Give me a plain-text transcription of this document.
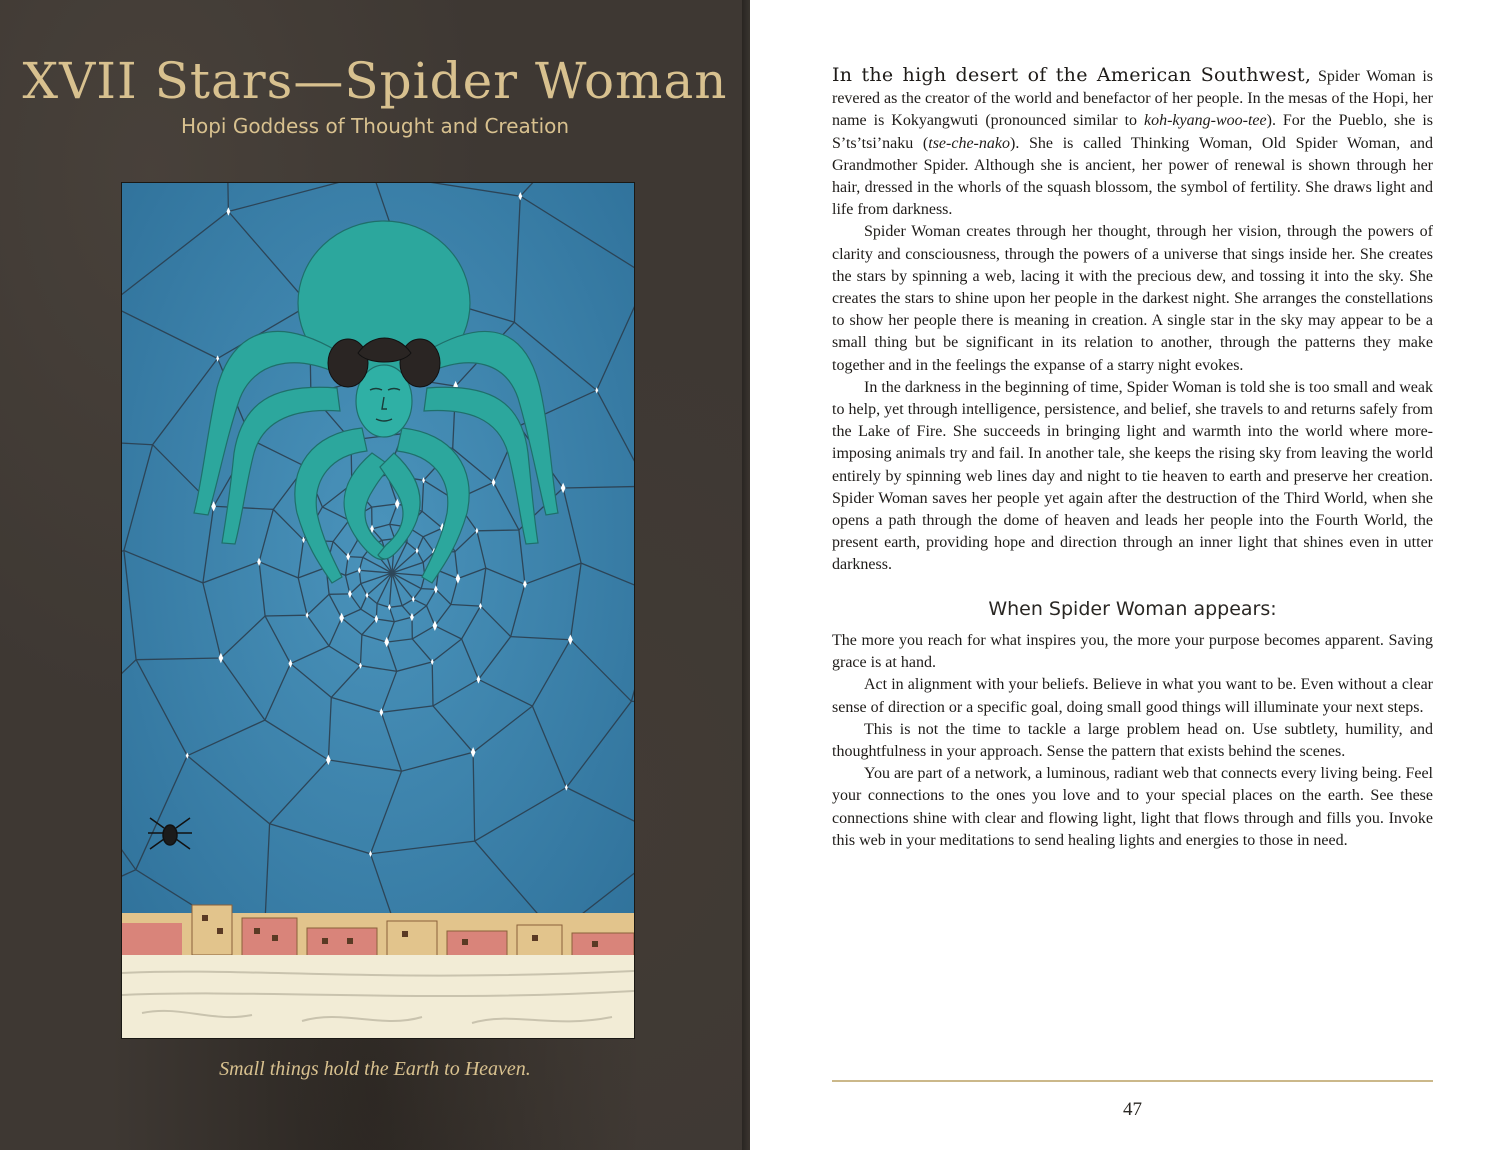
XVII Stars—Spider Woman
Hopi Goddess of Thought and Creation
Small things hold the Earth to Heaven.

In the high desert of the American Southwest, Spider Woman is revered as the creator of the world and benefactor of her people. In the mesas of the Hopi, her name is Kokyangwuti (pronounced similar to koh-kyang-woo-tee). For the Pueblo, she is S’ts’tsi’naku (tse-che-nako). She is called Thinking Woman, Old Spider Woman, and Grandmother Spider. Although she is ancient, her power of renewal is shown through her hair, dressed in the whorls of the squash blossom, the symbol of fertility. She draws light and life from darkness.

Spider Woman creates through her thought, through her vision, through the powers of clarity and consciousness, through the powers of a universe that sings inside her. She creates the stars by spinning a web, lacing it with the precious dew, and tossing it into the sky. She creates the stars to shine upon her people in the darkest night. She arranges the constellations to show her people there is meaning in creation. A single star in the sky may appear to be a small thing but be significant in its relation to another, through the patterns they make together and in the feelings the expanse of a starry night evokes.

In the darkness in the beginning of time, Spider Woman is told she is too small and weak to help, yet through intelligence, persistence, and belief, she travels to and returns safely from the Lake of Fire. She succeeds in bringing light and warmth into the world where more-imposing animals try and fail. In another tale, she keeps the rising sky from leaving the world entirely by spinning web lines day and night to tie heaven to earth and preserve her creation. Spider Woman saves her people yet again after the destruction of the Third World, when she opens a path through the dome of heaven and leads her people into the Fourth World, the present earth, providing hope and direction through an inner light that shines even in utter darkness.

When Spider Woman appears:

The more you reach for what inspires you, the more your purpose becomes apparent. Saving grace is at hand.

Act in alignment with your beliefs. Believe in what you want to be. Even without a clear sense of direction or a specific goal, doing small good things will illuminate your next steps.

This is not the time to tackle a large problem head on. Use subtlety, humility, and thoughtfulness in your approach. Sense the pattern that exists behind the scenes.

You are part of a network, a luminous, radiant web that connects every living being. Feel your connections to the ones you love and to your special places on the earth. See these connections shine with clear and flowing light, light that flows through and fills you. Invoke this web in your meditations to send healing lights and energies to those in need.

47
